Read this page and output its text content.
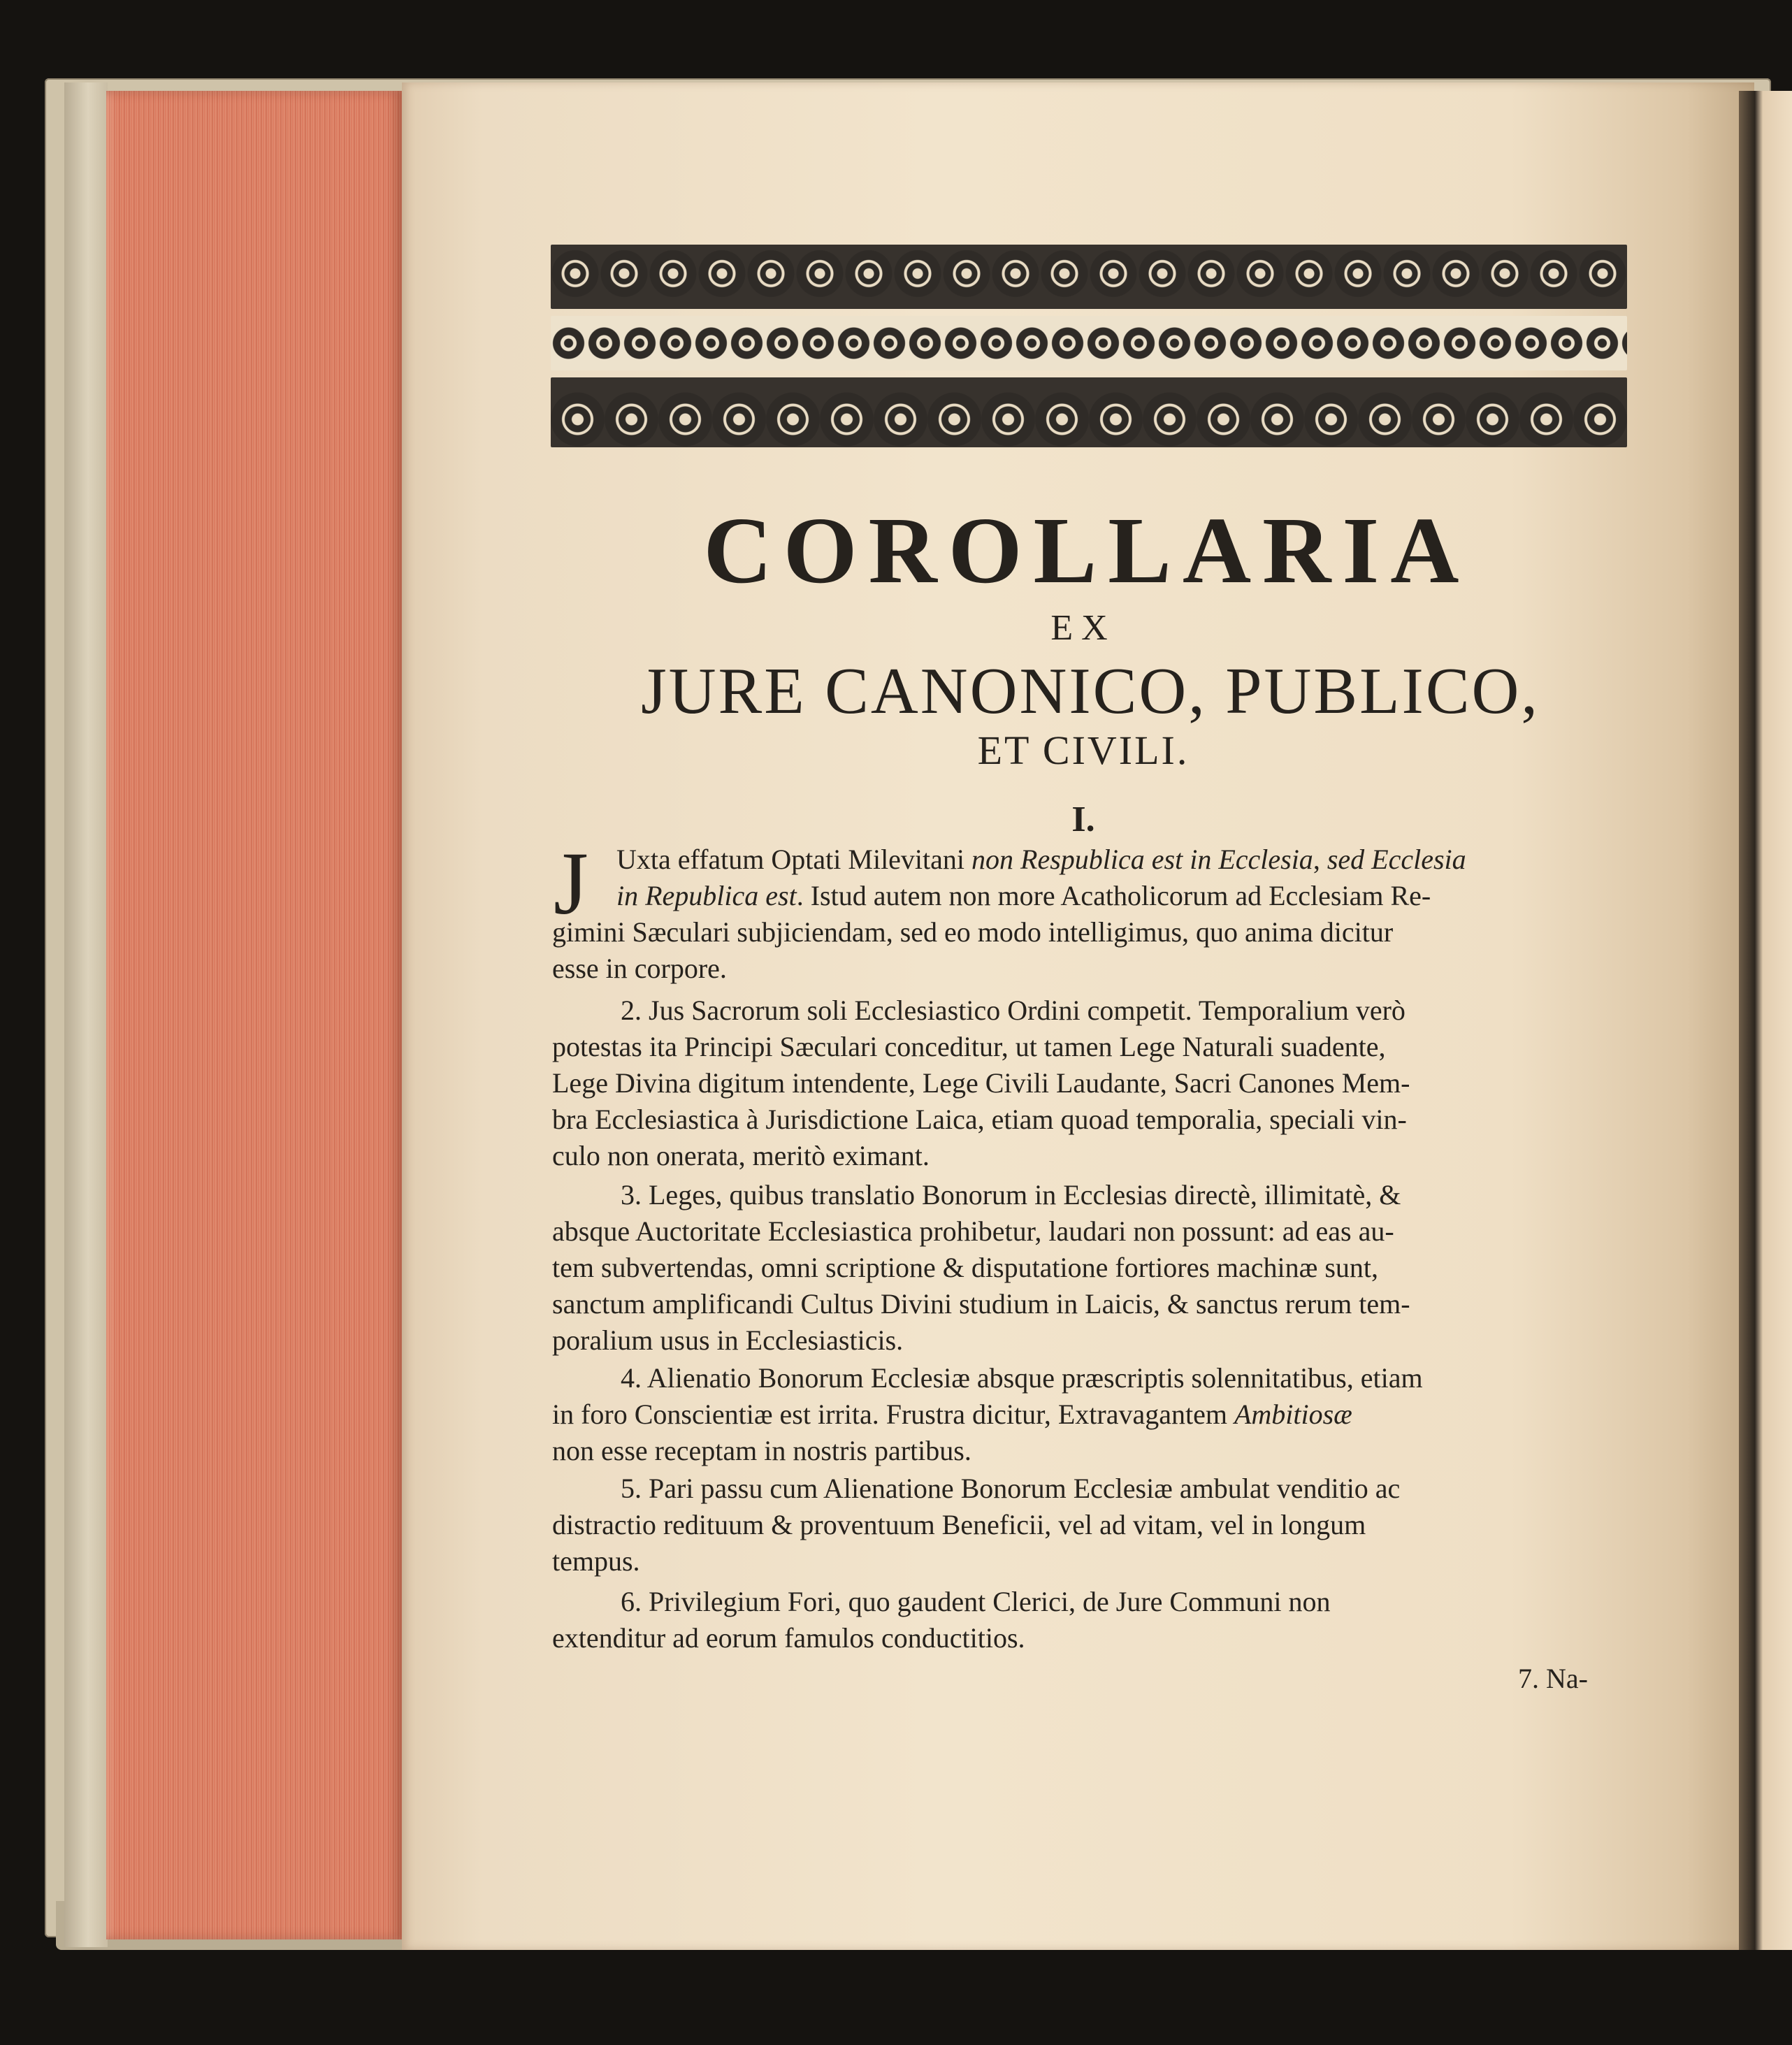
COROLLARIA
EX
JURE CANONICO, PUBLICO,
ET CIVILI.
I.
J Uxta effatum Optati Milevitani non Respublica est in Ecclesia, sed Ecclesia
in Republica est. Istud autem non more Acatholicorum ad Ecclesiam Re-
gimini Sæculari subjiciendam, sed eo modo intelligimus, quo anima dicitur
esse in corpore.
2. Jus Sacrorum soli Ecclesiastico Ordini competit. Temporalium verò
potestas ita Principi Sæculari conceditur, ut tamen Lege Naturali suadente,
Lege Divina digitum intendente, Lege Civili Laudante, Sacri Canones Mem-
bra Ecclesiastica à Jurisdictione Laica, etiam quoad temporalia, speciali vin-
culo non onerata, meritò eximant.
3. Leges, quibus translatio Bonorum in Ecclesias directè, illimitatè, &
absque Auctoritate Ecclesiastica prohibetur, laudari non possunt: ad eas au-
tem subvertendas, omni scriptione & disputatione fortiores machinæ sunt,
sanctum amplificandi Cultus Divini studium in Laicis, & sanctus rerum tem-
poralium usus in Ecclesiasticis.
4. Alienatio Bonorum Ecclesiæ absque præscriptis solennitatibus, etiam
in foro Conscientiæ est irrita. Frustra dicitur, Extravagantem Ambitiosæ
non esse receptam in nostris partibus.
5. Pari passu cum Alienatione Bonorum Ecclesiæ ambulat venditio ac
distractio redituum & proventuum Beneficii, vel ad vitam, vel in longum
tempus.
6. Privilegium Fori, quo gaudent Clerici, de Jure Communi non
extenditur ad eorum famulos conductitios.
7. Na-
